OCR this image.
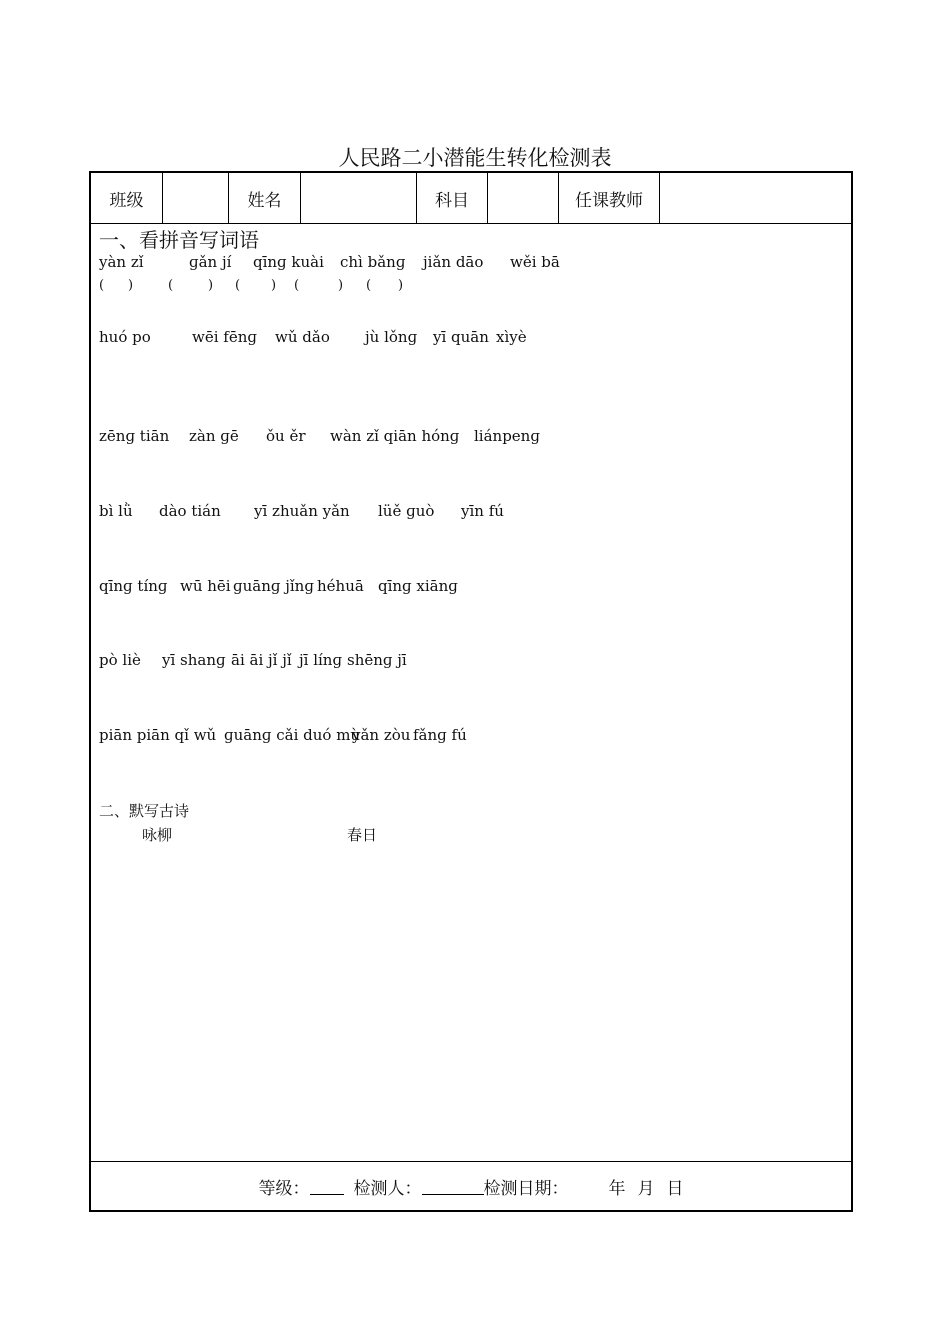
人民路二小潜能生转化检测表
班级	姓名	科目	任课教师
一、看拼音写词语
yàn zǐ	ɡǎn jí qīnɡ kuài chì bǎnɡ jiǎn dāo wěi bā
( )	(	) ( ) (	) ( )
huó po	wēi fēnɡ wǔ dǎo jù lǒnɡ yī quān xìyè
zēnɡ tiān zàn ɡē ǒu ěr wàn zǐ qiān hónɡ liánpenɡ
bì lǜ dào tián yī zhuǎn yǎn lüě ɡuò yīn fú
qīnɡ tínɡ wū hēi ɡuānɡ jǐnɡ héhuā qīnɡ xiānɡ
pò liè yī shanɡ āi āi jǐ jǐ jī línɡ shēnɡ jī
piān piān qǐ wǔ ɡuānɡ cǎi duó mù
yǎn zòu fǎnɡ fú
二、默写古诗
咏柳	春日
等级：	检测人：	检测日期： 年 月 日
